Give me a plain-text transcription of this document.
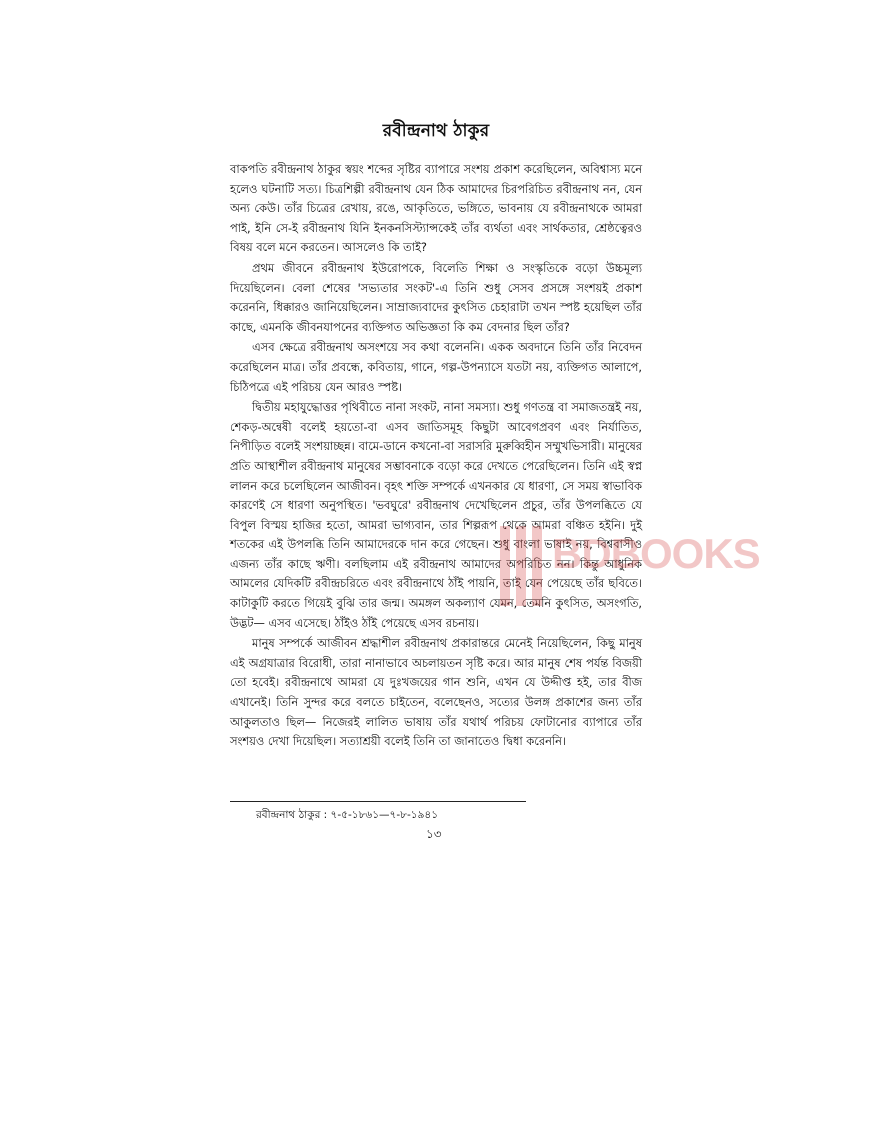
রবীন্দ্রনাথ ঠাকুর

বাকপতি রবীন্দ্রনাথ ঠাকুর স্বয়ং শব্দের সৃষ্টির ব্যাপারে সংশয় প্রকাশ করেছিলেন, অবিশ্বাস্য মনে হলেও ঘটনাটি সত্য। চিত্রশিল্পী রবীন্দ্রনাথ যেন ঠিক আমাদের চিরপরিচিত রবীন্দ্রনাথ নন, যেন অন্য কেউ। তাঁর চিত্রের রেখায়, রঙে, আকৃতিতে, ভঙ্গিতে, ভাবনায় যে রবীন্দ্রনাথকে আমরা পাই, ইনি সে-ই রবীন্দ্রনাথ যিনি ইনকনসিস্ট্যান্সকেই তাঁর ব্যর্থতা এবং সার্থকতার, শ্রেষ্ঠত্বেরও বিষয় বলে মনে করতেন। আসলেও কি তাই?

প্রথম জীবনে রবীন্দ্রনাথ ইউরোপকে, বিলেতি শিক্ষা ও সংস্কৃতিকে বড়ো উচ্চমূল্য দিয়েছিলেন। বেলা শেষের 'সভ্যতার সংকট'-এ তিনি শুধু সেসব প্রসঙ্গে সংশয়ই প্রকাশ করেননি, ধিক্কারও জানিয়েছিলেন। সাম্রাজ্যবাদের কুৎসিত চেহারাটা তখন স্পষ্ট হয়েছিল তাঁর কাছে, এমনকি জীবনযাপনের ব্যক্তিগত অভিজ্ঞতা কি কম বেদনার ছিল তাঁর?

এসব ক্ষেত্রে রবীন্দ্রনাথ অসংশয়ে সব কথা বলেননি। একক অবদানে তিনি তাঁর নিবেদন করেছিলেন মাত্র। তাঁর প্রবন্ধে, কবিতায়, গানে, গল্প-উপন্যাসে যতটা নয়, ব্যক্তিগত আলাপে, চিঠিপত্রে এই পরিচয় যেন আরও স্পষ্ট।

দ্বিতীয় মহাযুদ্ধোত্তর পৃথিবীতে নানা সংকট, নানা সমস্যা। শুধু গণতন্ত্র বা সমাজতন্ত্রই নয়, শেকড়-অন্বেষী বলেই হয়তো-বা এসব জাতিসমূহ কিছুটা আবেগপ্রবণ এবং নির্যাতিত, নিপীড়িত বলেই সংশয়াচ্ছন্ন। বামে-ডানে কখনো-বা সরাসরি মুরুব্বিহীন সম্মুখভিসারী। মানুষের প্রতি আস্থাশীল রবীন্দ্রনাথ মানুষের সম্ভাবনাকে বড়ো করে দেখতে পেরেছিলেন। তিনি এই স্বপ্ন লালন করে চলেছিলেন আজীবন। বৃহৎ শক্তি সম্পর্কে এখনকার যে ধারণা, সে সময় স্বাভাবিক কারণেই সে ধারণা অনুপস্থিত। 'ভবঘুরে' রবীন্দ্রনাথ দেখেছিলেন প্রচুর, তাঁর উপলব্ধিতে যে বিপুল বিস্ময় হাজির হতো, আমরা ভাগ্যবান, তার শিল্পরূপ থেকে আমরা বঞ্চিত হইনি। দুই শতকের এই উপলব্ধি তিনি আমাদেরকে দান করে গেছেন। শুধু বাংলা ভাষাই নয়, বিশ্ববাসীও এজন্য তাঁর কাছে ঋণী। বলছিলাম এই রবীন্দ্রনাথ আমাদের অপরিচিত নন। কিন্তু আধুনিক আমলের যেদিকটি রবীন্দ্রচরিতে এবং রবীন্দ্রনাথে ঠাঁই পায়নি, তাই যেন পেয়েছে তাঁর ছবিতে। কাটাকুটি করতে গিয়েই বুঝি তার জন্ম। অমঙ্গল অকল্যাণ যেমন, তেমনি কুৎসিত, অসংগতি, উদ্ভট— এসব এসেছে। ঠাঁইও ঠাঁই পেয়েছে এসব রচনায়।

মানুষ সম্পর্কে আজীবন শ্রদ্ধাশীল রবীন্দ্রনাথ প্রকারান্তরে মেনেই নিয়েছিলেন, কিছু মানুষ এই অগ্রযাত্রার বিরোধী, তারা নানাভাবে অচলায়তন সৃষ্টি করে। আর মানুষ শেষ পর্যন্ত বিজয়ী তো হবেই। রবীন্দ্রনাথে আমরা যে দুঃখজয়ের গান শুনি, এখন যে উদ্দীপ্ত হই, তার বীজ এখানেই। তিনি সুন্দর করে বলতে চাইতেন, বলেছেনও, সত্যের উলঙ্গ প্রকাশের জন্য তাঁর আকুলতাও ছিল— নিজেরই লালিত ভাষায় তাঁর যথার্থ পরিচয় ফোটানোর ব্যাপারে তাঁর সংশয়ও দেখা দিয়েছিল। সত্যাশ্রয়ী বলেই তিনি তা জানাতেও দ্বিধা করেননি।

রবীন্দ্রনাথ ঠাকুর : ৭-৫-১৮৬১—৭-৮-১৯৪১
১৩
BDBOOKS
